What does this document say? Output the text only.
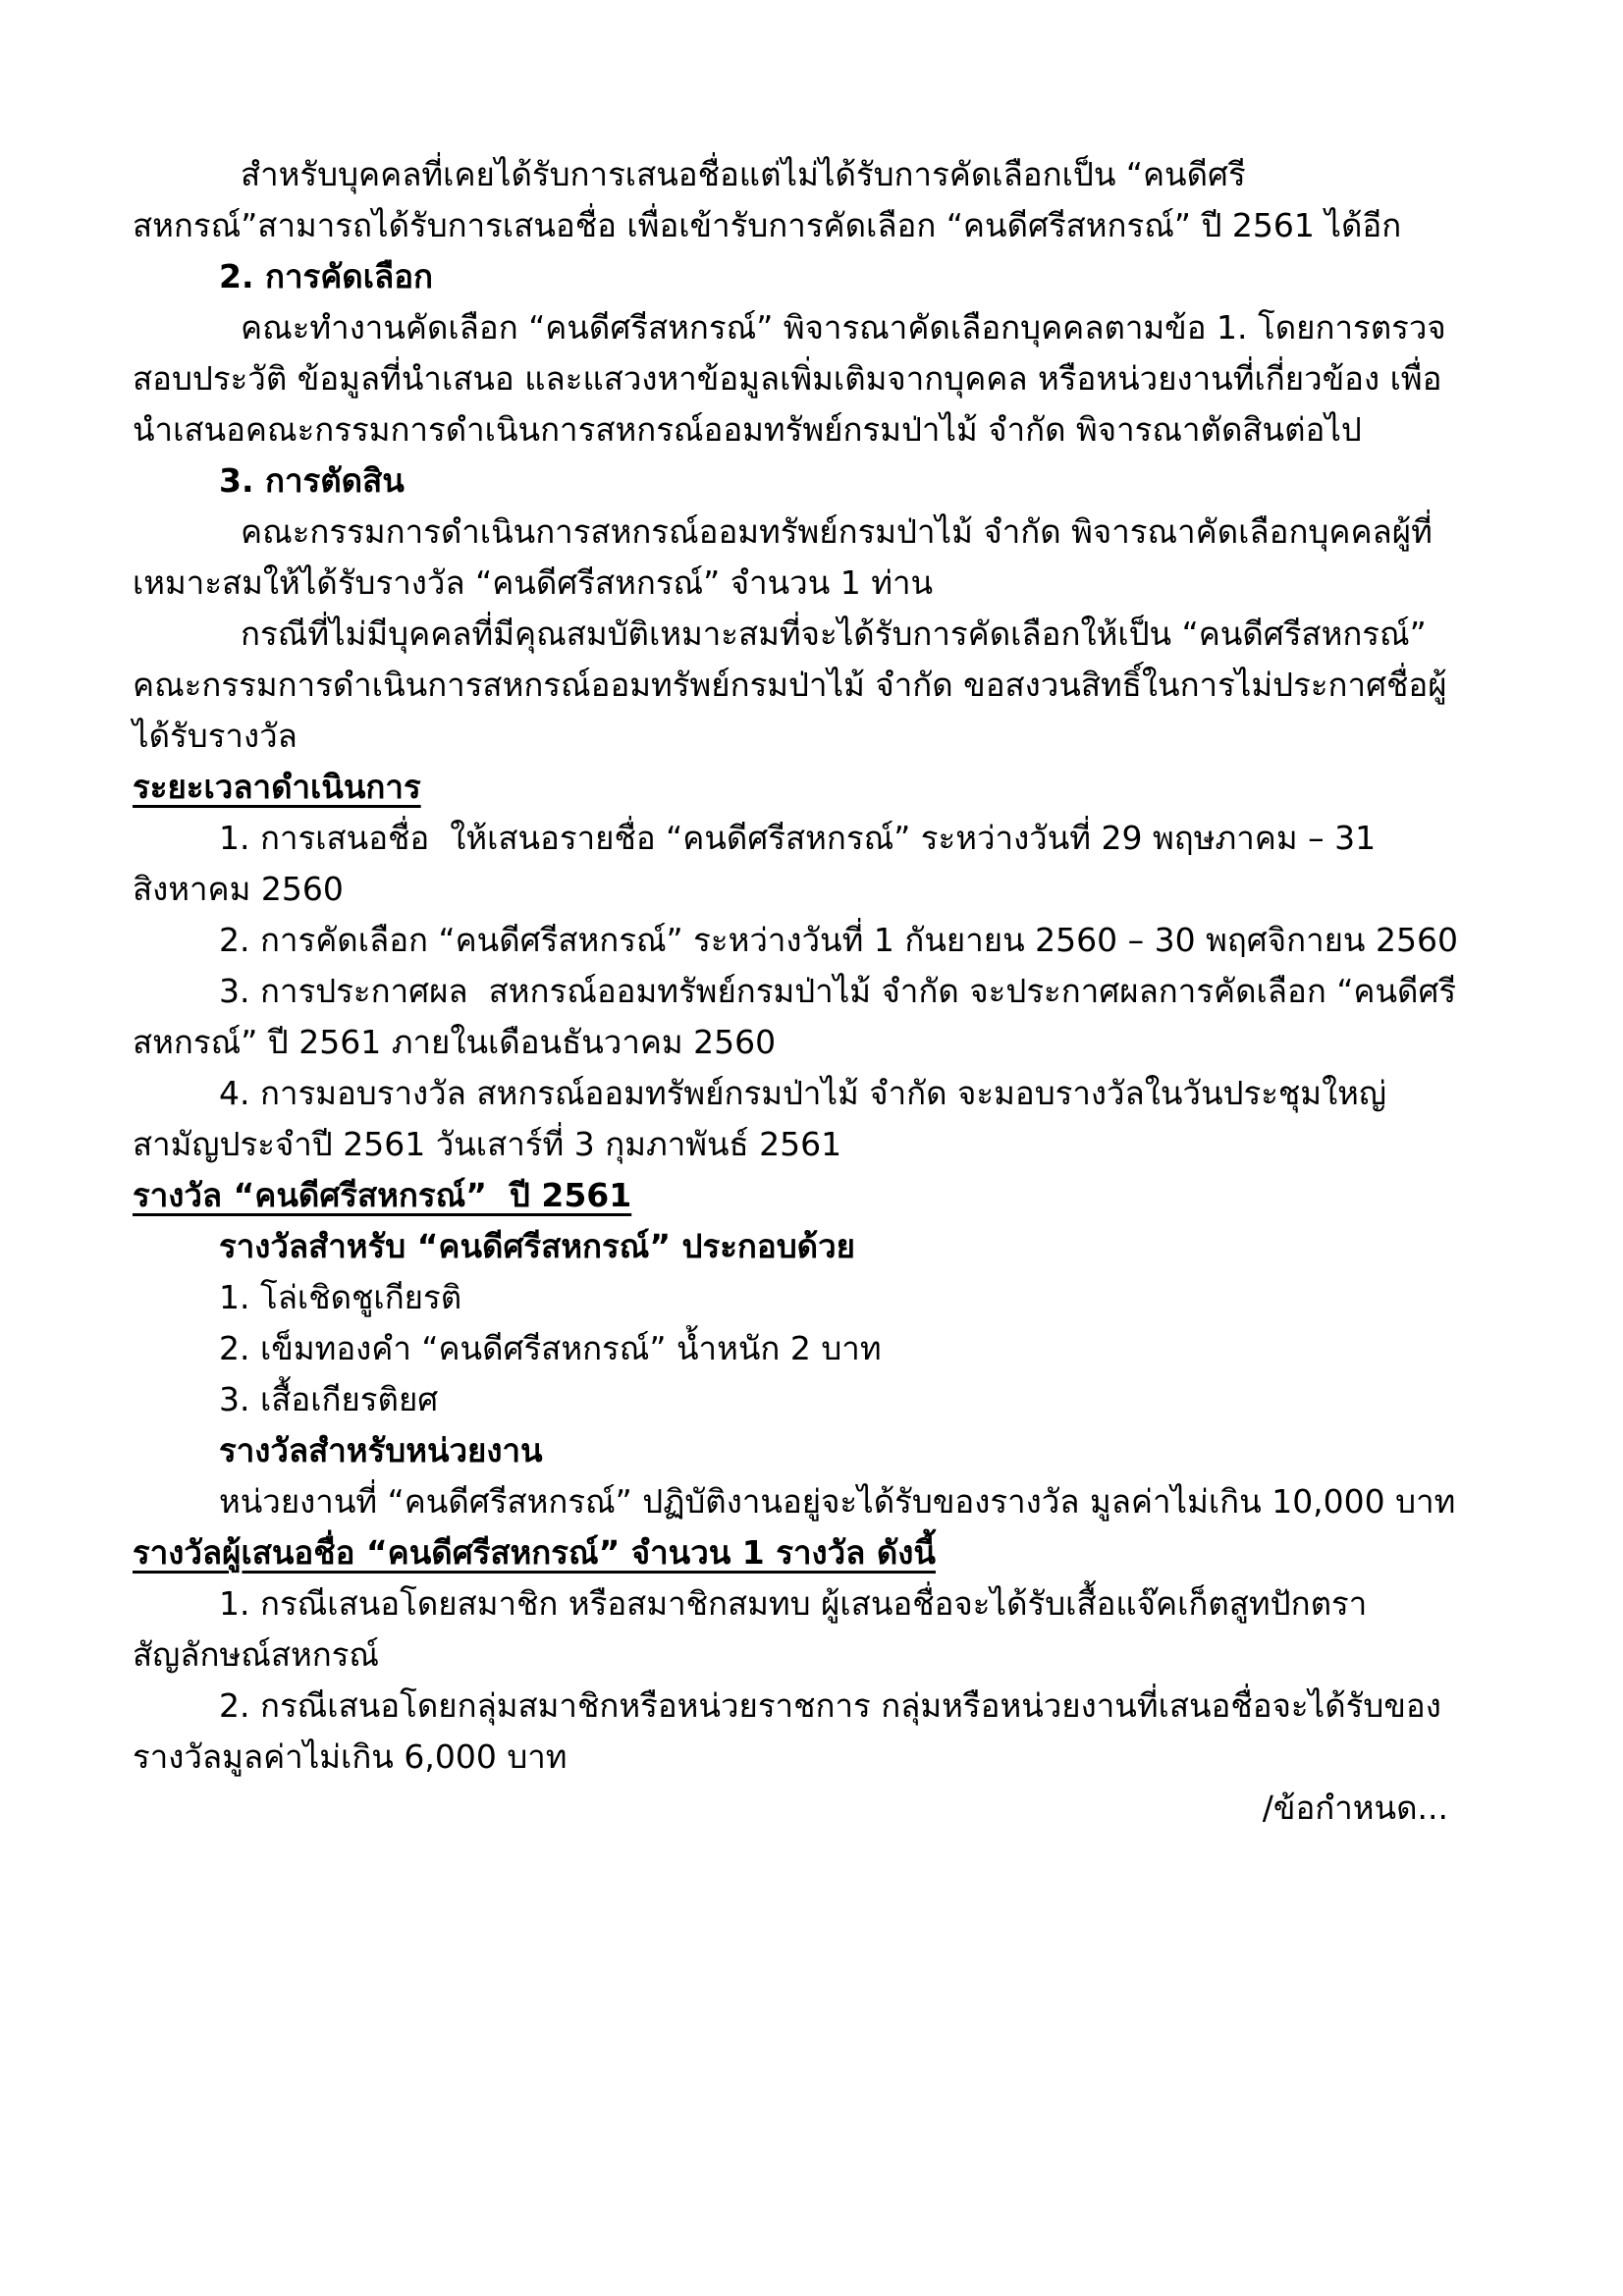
สำหรับบุคคลที่เคยได้รับการเสนอชื่อแต่ไม่ได้รับการคัดเลือกเป็น “คนดีศรีสหกรณ์”สามารถได้รับการเสนอชื่อ เพื่อเข้ารับการคัดเลือก “คนดีศรีสหกรณ์” ปี 2561 ได้อีก

2. การคัดเลือก

คณะทำงานคัดเลือก “คนดีศรีสหกรณ์” พิจารณาคัดเลือกบุคคลตามข้อ 1. โดยการตรวจสอบประวัติ ข้อมูลที่นำเสนอ และแสวงหาข้อมูลเพิ่มเติมจากบุคคล หรือหน่วยงานที่เกี่ยวข้อง เพื่อนำเสนอคณะกรรมการดำเนินการสหกรณ์ออมทรัพย์กรมป่าไม้ จำกัด พิจารณาตัดสินต่อไป

3. การตัดสิน

คณะกรรมการดำเนินการสหกรณ์ออมทรัพย์กรมป่าไม้ จำกัด พิจารณาคัดเลือกบุคคลผู้ที่เหมาะสมให้ได้รับรางวัล “คนดีศรีสหกรณ์” จำนวน 1 ท่าน

กรณีที่ไม่มีบุคคลที่มีคุณสมบัติเหมาะสมที่จะได้รับการคัดเลือกให้เป็น “คนดีศรีสหกรณ์” คณะกรรมการดำเนินการสหกรณ์ออมทรัพย์กรมป่าไม้ จำกัด ขอสงวนสิทธิ์ในการไม่ประกาศชื่อผู้ได้รับรางวัล

ระยะเวลาดำเนินการ

1. การเสนอชื่อ  ให้เสนอรายชื่อ “คนดีศรีสหกรณ์” ระหว่างวันที่ 29 พฤษภาคม – 31 สิงหาคม 2560

2. การคัดเลือก “คนดีศรีสหกรณ์” ระหว่างวันที่ 1 กันยายน 2560 – 30 พฤศจิกายน 2560

3. การประกาศผล  สหกรณ์ออมทรัพย์กรมป่าไม้ จำกัด จะประกาศผลการคัดเลือก “คนดีศรีสหกรณ์” ปี 2561 ภายในเดือนธันวาคม 2560

4. การมอบรางวัล สหกรณ์ออมทรัพย์กรมป่าไม้ จำกัด จะมอบรางวัลในวันประชุมใหญ่สามัญประจำปี 2561 วันเสาร์ที่ 3 กุมภาพันธ์ 2561

รางวัล “คนดีศรีสหกรณ์”  ปี 2561

รางวัลสำหรับ “คนดีศรีสหกรณ์” ประกอบด้วย

1. โล่เชิดชูเกียรติ

2. เข็มทองคำ “คนดีศรีสหกรณ์” น้ำหนัก 2 บาท

3. เสื้อเกียรติยศ

รางวัลสำหรับหน่วยงาน

หน่วยงานที่ “คนดีศรีสหกรณ์” ปฏิบัติงานอยู่จะได้รับของรางวัล มูลค่าไม่เกิน 10,000 บาท

รางวัลผู้เสนอชื่อ “คนดีศรีสหกรณ์” จำนวน 1 รางวัล ดังนี้

1. กรณีเสนอโดยสมาชิก หรือสมาชิกสมทบ ผู้เสนอชื่อจะได้รับเสื้อแจ๊คเก็ตสูทปักตราสัญลักษณ์สหกรณ์

2. กรณีเสนอโดยกลุ่มสมาชิกหรือหน่วยราชการ กลุ่มหรือหน่วยงานที่เสนอชื่อจะได้รับของรางวัลมูลค่าไม่เกิน 6,000 บาท

/ข้อกำหนด...
